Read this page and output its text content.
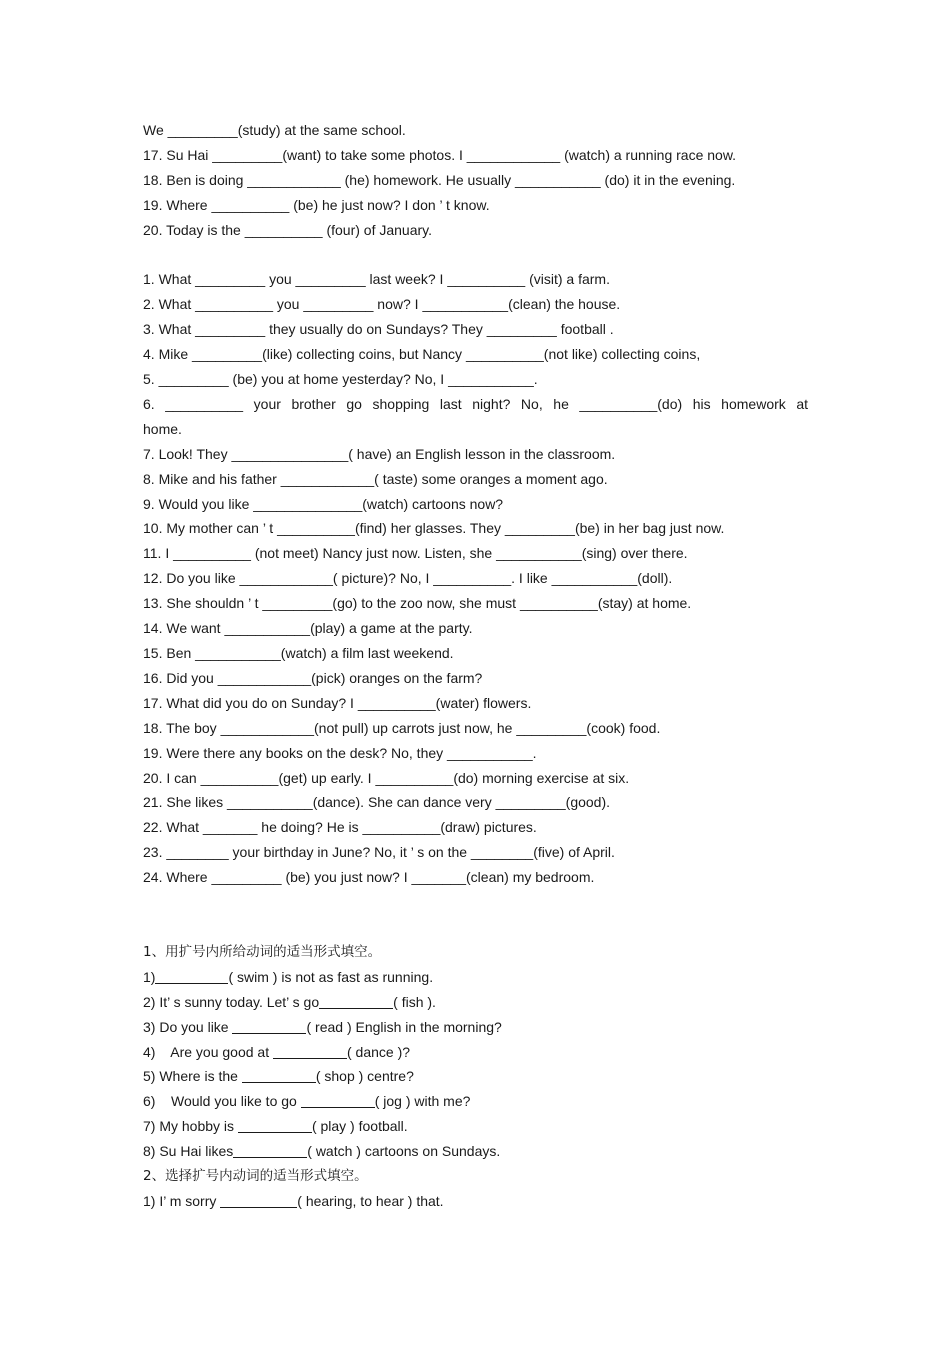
We _________(study) at the same school.

17. Su Hai _________(want) to take some photos. I ____________ (watch) a running race now.

18. Ben is doing ____________ (he) homework. He usually ___________ (do) it in the evening.

19. Where __________ (be) he just now? I don ’ t know.

20. Today is the __________ (four) of January.

1. What _________ you _________ last week? I __________ (visit) a farm.

2. What __________ you _________ now? I ___________(clean) the house.

3. What _________ they usually do on Sundays? They _________ football .

4. Mike _________(like) collecting coins, but Nancy __________(not like) collecting coins,

5. _________ (be) you at home yesterday? No, I ___________.

6. __________ your brother go shopping last night? No, he __________(do) his homework at

home.

7. Look! They _______________( have) an English lesson in the classroom.

8. Mike and his father ____________( taste) some oranges a moment ago.

9. Would you like ______________(watch) cartoons now?

10. My mother can ’ t __________(find) her glasses. They _________(be) in her bag just now.

11. I __________ (not meet) Nancy just now. Listen, she ___________(sing) over there.

12. Do you like ____________( picture)? No, I __________. I like ___________(doll).

13. She shouldn ’ t _________(go) to the zoo now, she must __________(stay) at home.

14. We want ___________(play) a game at the party.

15. Ben ___________(watch) a film last weekend.

16. Did you ____________(pick) oranges on the farm?

17. What did you do on Sunday? I __________(water) flowers.

18. The boy ____________(not pull) up carrots just now, he _________(cook) food.

19. Were there any books on the desk? No, they ___________.

20. I can __________(get) up early. I __________(do) morning exercise at six.

21. She likes ___________(dance). She can dance very _________(good).

22. What _______ he doing? He is __________(draw) pictures.

23. ________ your birthday in June? No, it ’ s on the ________(five) of April.

24. Where _________ (be) you just now? I _______(clean) my bedroom.

1、用扩号内所给动词的适当形式填空。

1)	( swim ) is not as fast as running.

2) It’ s sunny today. Let’ s go	( fish ).

3) Do you like	( read ) English in the morning?

4)    Are you good at	( dance )?

5) Where is the	( shop ) centre?

6)    Would you like to go	( jog ) with me?

7) My hobby is	( play ) football.

8) Su Hai likes	( watch ) cartoons on Sundays.

2、选择扩号内动词的适当形式填空。

1) I’ m sorry	( hearing, to hear ) that.
